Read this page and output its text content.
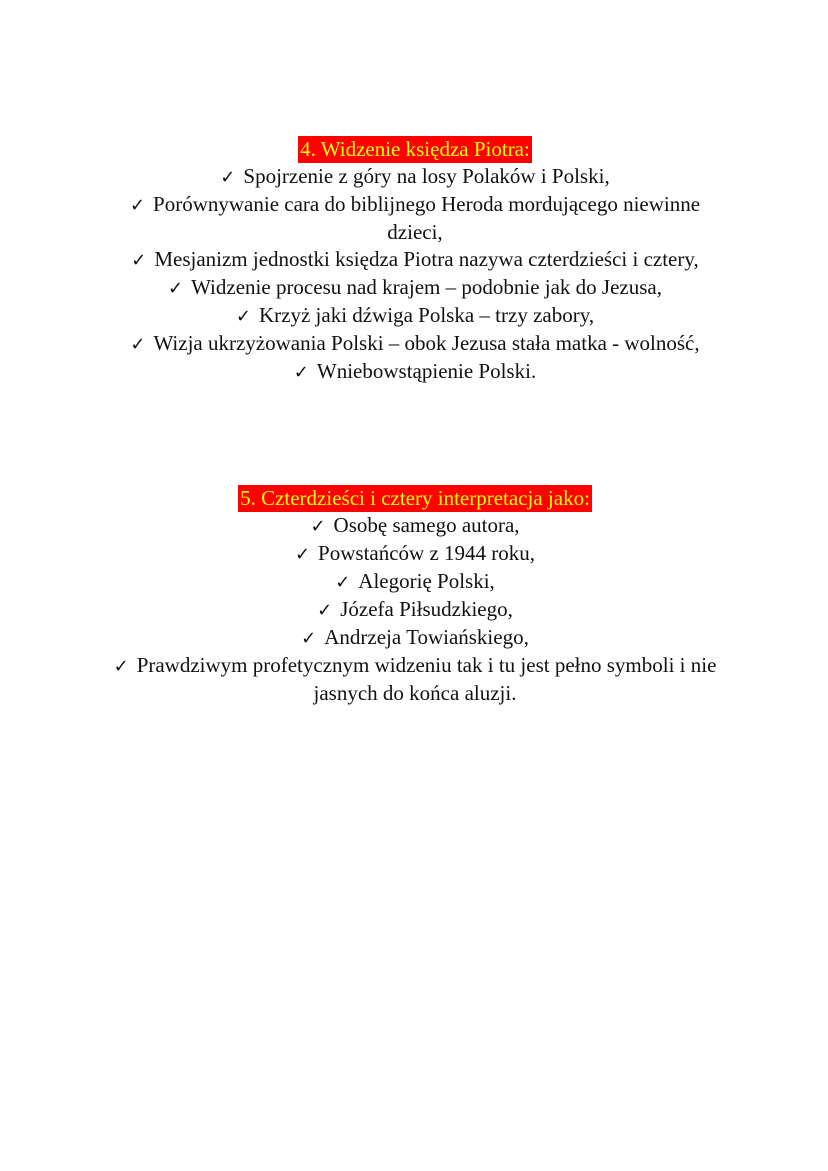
4. Widzenie księdza Piotra:
✓ Spojrzenie z góry na losy Polaków i Polski,
✓ Porównywanie cara do biblijnego Heroda mordującego niewinne dzieci,
✓ Mesjanizm jednostki księdza Piotra nazywa czterdzieści i cztery,
✓ Widzenie procesu nad krajem – podobnie jak do Jezusa,
✓ Krzyż jaki dźwiga Polska – trzy zabory,
✓ Wizja ukrzyżowania Polski – obok Jezusa stała matka - wolność,
✓ Wniebowstąpienie Polski.
5. Czterdzieści i cztery interpretacja jako:
✓ Osobę samego autora,
✓ Powstańców z 1944 roku,
✓ Alegorię Polski,
✓ Józefa Piłsudzkiego,
✓ Andrzeja Towiańskiego,
✓ Prawdziwym profetycznym widzeniu tak i tu jest pełno symboli i nie jasnych do końca aluzji.
